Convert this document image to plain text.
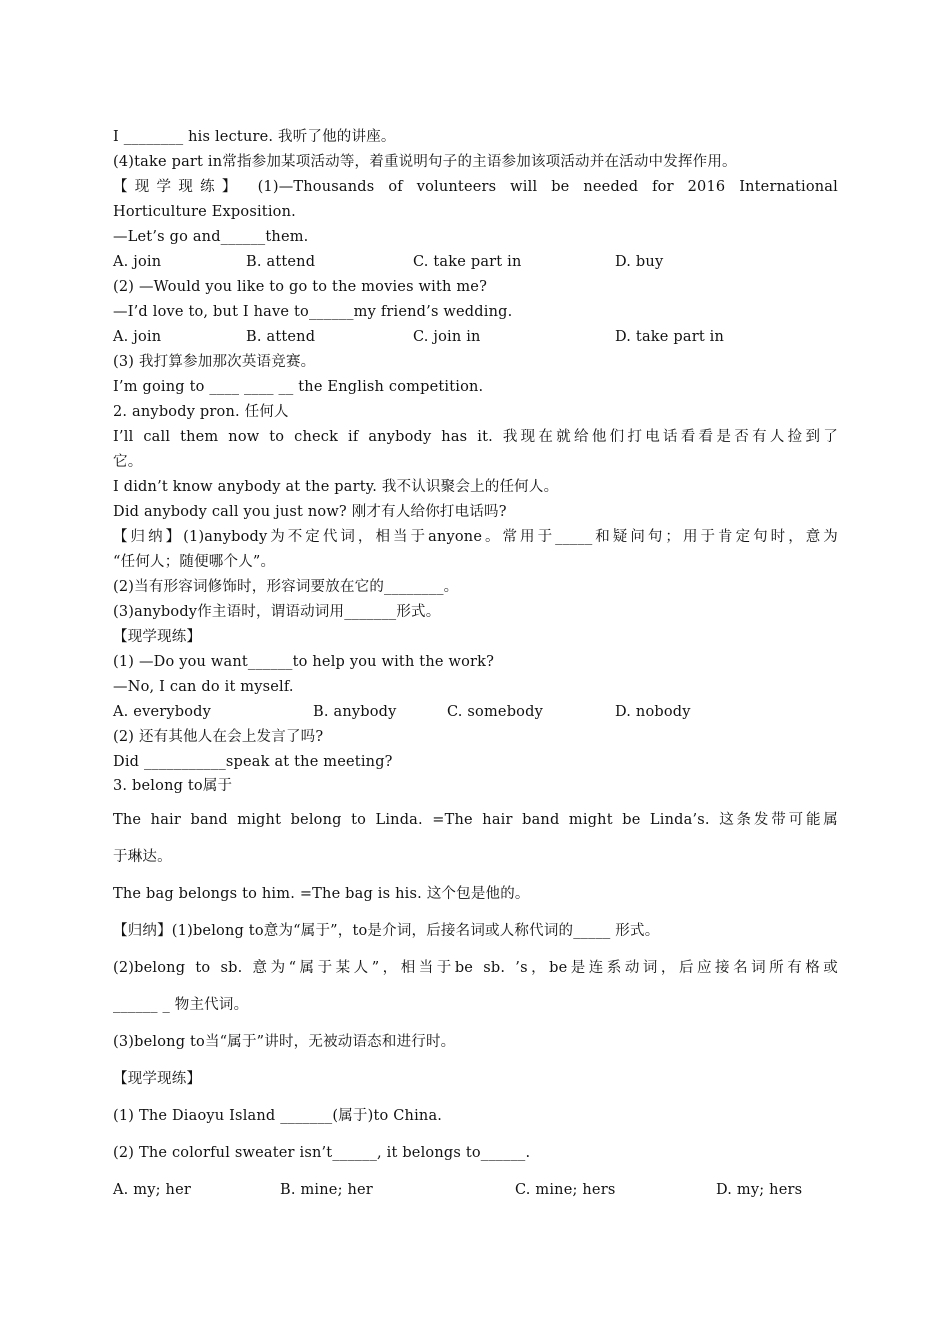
I ________ his lecture. 我听了他的讲座。
(4)take part in常指参加某项活动等，着重说明句子的主语参加该项活动并在活动中发挥作用。
【现学现练】 (1)—Thousands of volunteers will be needed for 2016 International
Horticulture Exposition.
—Let’s go and______them.
A. join	B. attend	C. take part in	D. buy
(2) —Would you like to go to the movies with me?
—I’d love to, but I have to______my friend’s wedding.
A. join	B. attend	C. join in	D. take part in
(3) 我打算参加那次英语竞赛。
I’m going to ____ ____ __ the English competition.
2. anybody pron. 任何人
I’ll call them now to check if anybody has it. 我现在就给他们打电话看看是否有人捡到了
它。
I didn’t know anybody at the party. 我不认识聚会上的任何人。
Did anybody call you just now? 刚才有人给你打电话吗?
【归纳】(1)anybody为不定代词，相当于anyone。常用于_____和疑问句；用于肯定句时，意为
“任何人；随便哪个人”。
(2)当有形容词修饰时，形容词要放在它的________。
(3)anybody作主语时，谓语动词用_______形式。
【现学现练】
(1) —Do you want______to help you with the work?
—No, I can do it myself.
A. everybody	B. anybody	C. somebody	D. nobody
(2) 还有其他人在会上发言了吗?
Did ___________speak at the meeting?
3. belong to属于
The hair band might belong to Linda. =The hair band might be Linda’s. 这条发带可能属
于琳达。
The bag belongs to him. =The bag is his. 这个包是他的。
【归纳】(1)belong to意为“属于”，to是介词，后接名词或人称代词的_____ 形式。
(2)belong to sb. 意为“属于某人”，相当于be sb. ’s，be是连系动词，后应接名词所有格或
______ _ 物主代词。
(3)belong to当“属于”讲时，无被动语态和进行时。
【现学现练】
(1) The Diaoyu Island _______(属于)to China.
(2) The colorful sweater isn’t______, it belongs to______.
A. my; her	B. mine; her	C. mine; hers	D. my; hers
